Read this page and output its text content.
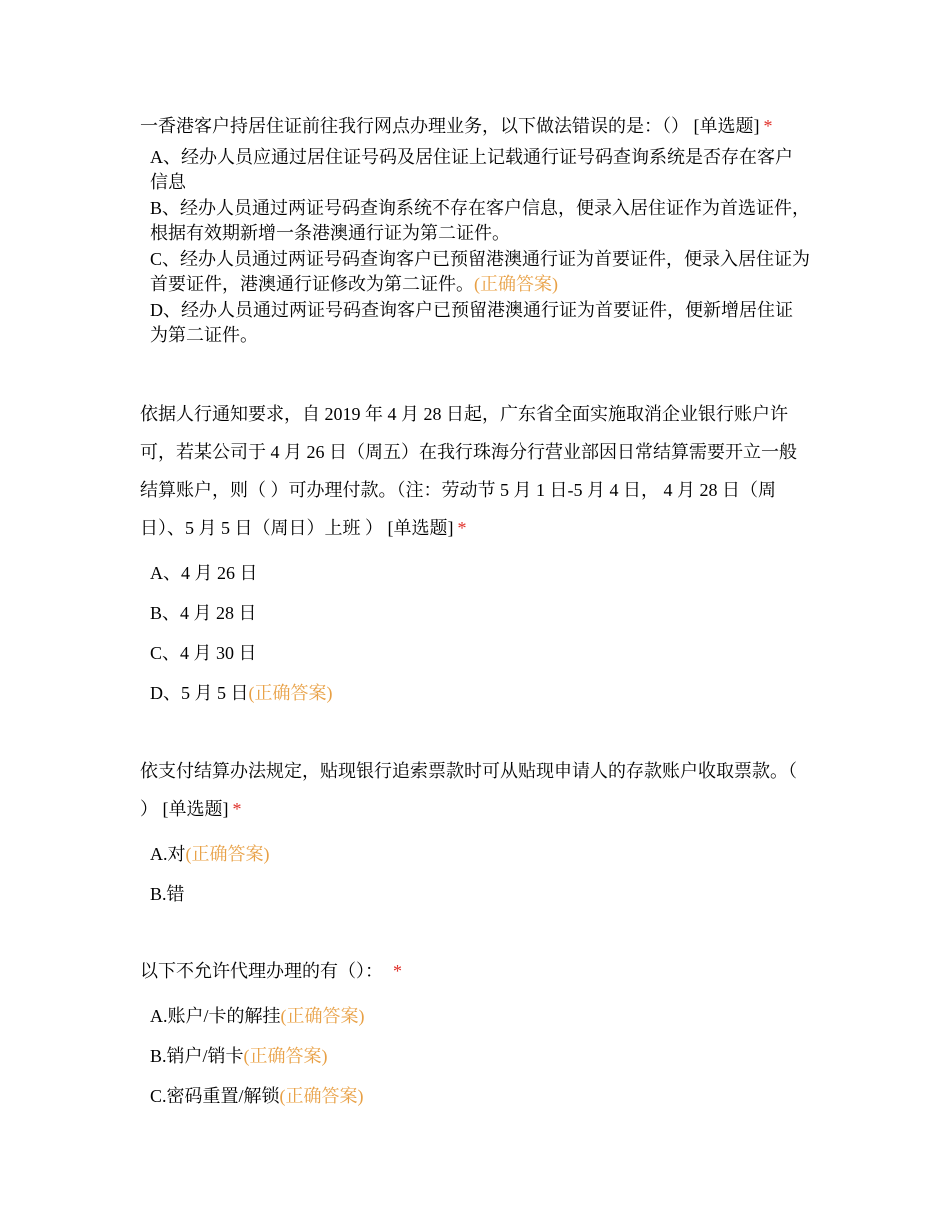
一香港客户持居住证前往我行网点办理业务，以下做法错误的是：（） [单选题] *
A、经办人员应通过居住证号码及居住证上记载通行证号码查询系统是否存在客户信息
B、经办人员通过两证号码查询系统不存在客户信息，便录入居住证作为首选证件，根据有效期新增一条港澳通行证为第二证件。
C、经办人员通过两证号码查询客户已预留港澳通行证为首要证件，便录入居住证为首要证件，港澳通行证修改为第二证件。(正确答案)
D、经办人员通过两证号码查询客户已预留港澳通行证为首要证件，便新增居住证为第二证件。
依据人行通知要求，自 2019 年 4 月 28 日起，广东省全面实施取消企业银行账户许可，若某公司于 4 月 26 日（周五）在我行珠海分行营业部因日常结算需要开立一般结算账户，则（ ）可办理付款。（注：劳动节 5 月 1 日-5 月 4 日， 4 月 28 日（周日）、5 月 5 日（周日）上班 ） [单选题] *
A、4 月 26 日
B、4 月 28 日
C、4 月 30 日
D、5 月 5 日(正确答案)
依支付结算办法规定，贴现银行追索票款时可从贴现申请人的存款账户收取票款。（ ） [单选题] *
A.对(正确答案)
B.错
以下不允许代理办理的有（）： *
A.账户/卡的解挂(正确答案)
B.销户/销卡(正确答案)
C.密码重置/解锁(正确答案)
